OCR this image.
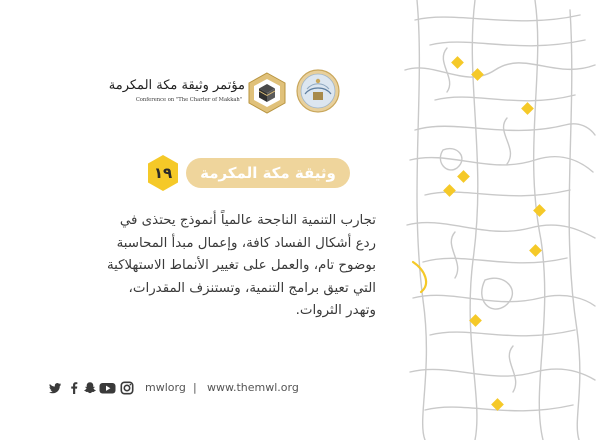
مؤتمر وثيقة مكة المكرمة
Conference on "The Charter of Makkah"
وثيقة مكة المكرمة
١٩
تجارب التنمية الناجحة عالمياً أنموذج يحتذى في
ردع أشكال الفساد كافة، وإعمال مبدأ المحاسبة
بوضوح تام، والعمل على تغيير الأنماط الاستهلاكية
التي تعيق برامج التنمية، وتستنزف المقدرات،
وتهدر الثروات.
mwlorg | www.themwl.org
